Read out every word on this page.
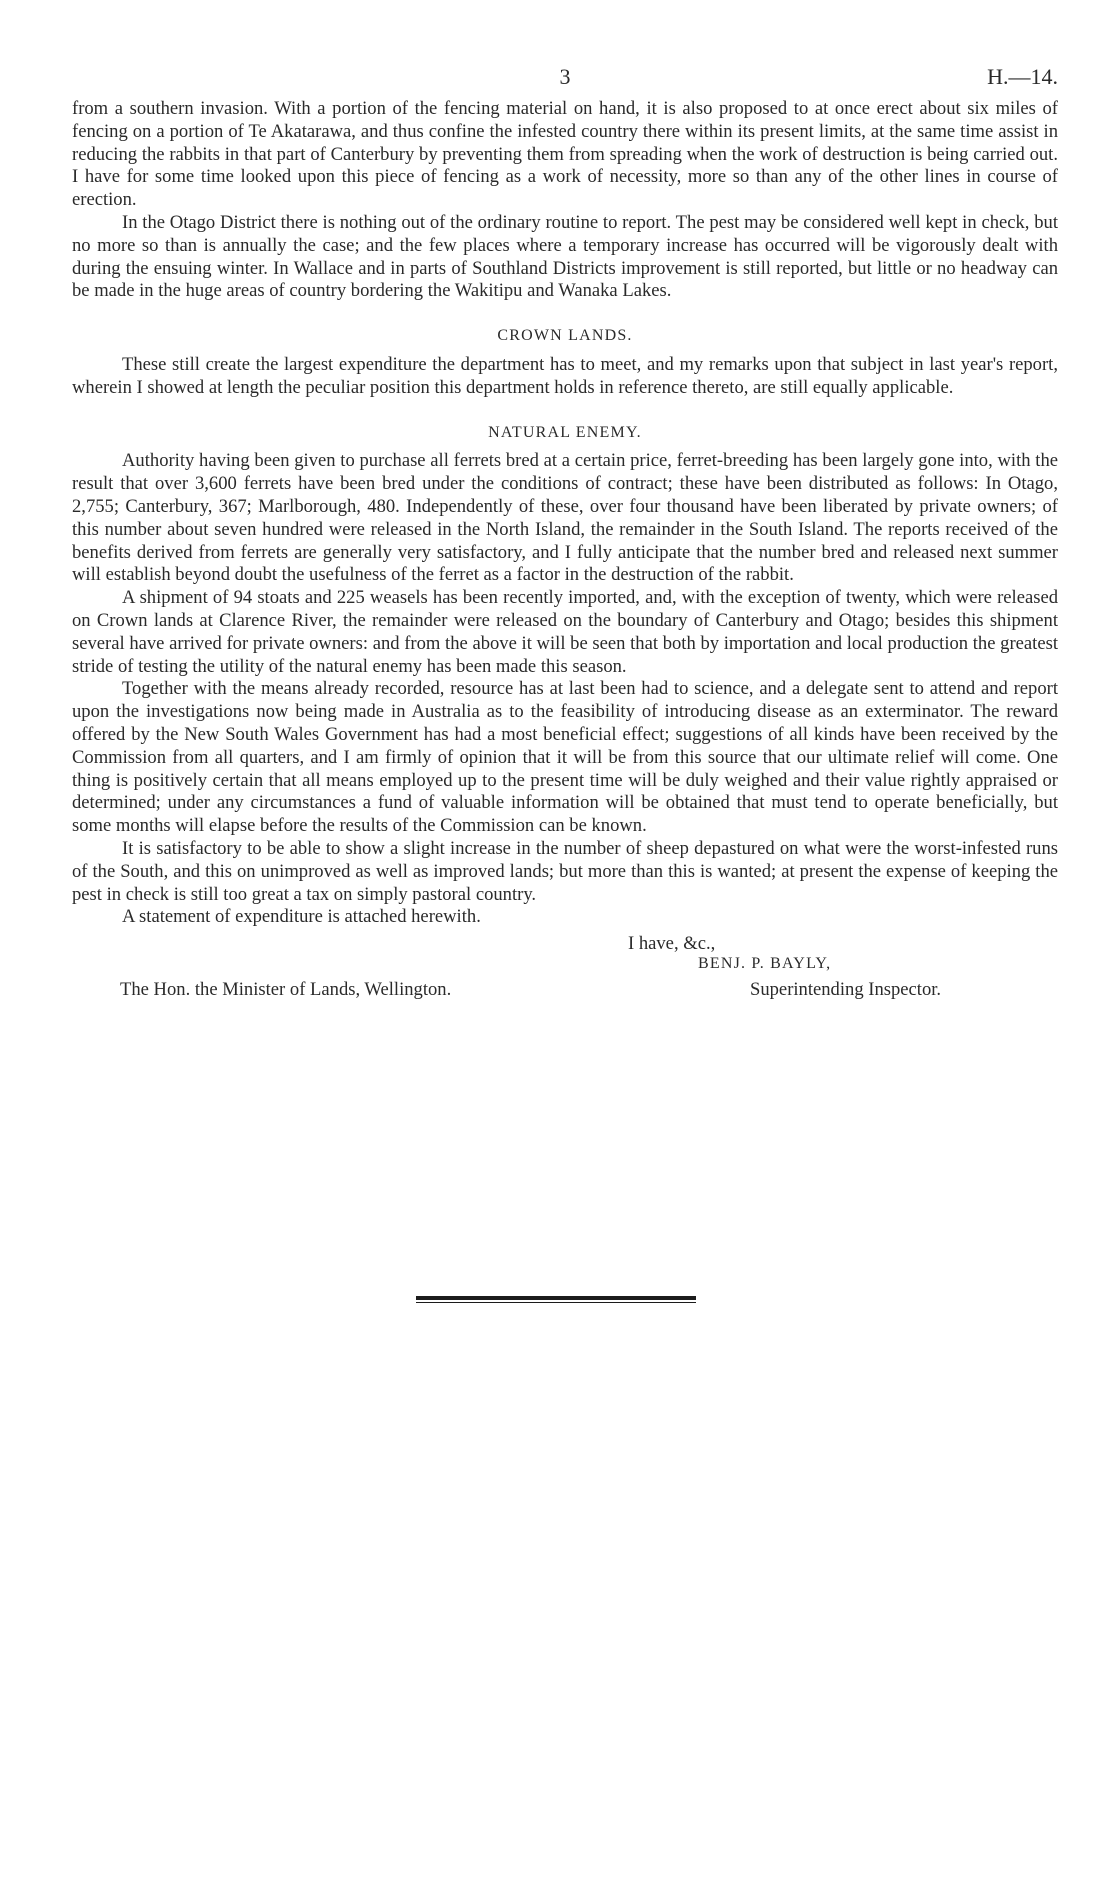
3	H.—14.

from a southern invasion. With a portion of the fencing material on hand, it is also proposed to at once erect about six miles of fencing on a portion of Te Akatarawa, and thus confine the infested country there within its present limits, at the same time assist in reducing the rabbits in that part of Canterbury by preventing them from spreading when the work of destruction is being carried out. I have for some time looked upon this piece of fencing as a work of necessity, more so than any of the other lines in course of erection.

In the Otago District there is nothing out of the ordinary routine to report. The pest may be considered well kept in check, but no more so than is annually the case; and the few places where a temporary increase has occurred will be vigorously dealt with during the ensuing winter. In Wallace and in parts of Southland Districts improvement is still reported, but little or no headway can be made in the huge areas of country bordering the Wakitipu and Wanaka Lakes.

CROWN LANDS.

These still create the largest expenditure the department has to meet, and my remarks upon that subject in last year's report, wherein I showed at length the peculiar position this department holds in reference thereto, are still equally applicable.

NATURAL ENEMY.

Authority having been given to purchase all ferrets bred at a certain price, ferret-breeding has been largely gone into, with the result that over 3,600 ferrets have been bred under the conditions of contract; these have been distributed as follows: In Otago, 2,755; Canterbury, 367; Marlborough, 480. Independently of these, over four thousand have been liberated by private owners; of this number about seven hundred were released in the North Island, the remainder in the South Island. The reports received of the benefits derived from ferrets are generally very satisfactory, and I fully anticipate that the number bred and released next summer will establish beyond doubt the usefulness of the ferret as a factor in the destruction of the rabbit.

A shipment of 94 stoats and 225 weasels has been recently imported, and, with the exception of twenty, which were released on Crown lands at Clarence River, the remainder were released on the boundary of Canterbury and Otago; besides this shipment several have arrived for private owners: and from the above it will be seen that both by importation and local production the greatest stride of testing the utility of the natural enemy has been made this season.

Together with the means already recorded, resource has at last been had to science, and a delegate sent to attend and report upon the investigations now being made in Australia as to the feasibility of introducing disease as an exterminator. The reward offered by the New South Wales Government has had a most beneficial effect; suggestions of all kinds have been received by the Commission from all quarters, and I am firmly of opinion that it will be from this source that our ultimate relief will come. One thing is positively certain that all means employed up to the present time will be duly weighed and their value rightly appraised or determined; under any circumstances a fund of valuable information will be obtained that must tend to operate beneficially, but some months will elapse before the results of the Commission can be known.

It is satisfactory to be able to show a slight increase in the number of sheep depastured on what were the worst-infested runs of the South, and this on unimproved as well as improved lands; but more than this is wanted; at present the expense of keeping the pest in check is still too great a tax on simply pastoral country.

A statement of expenditure is attached herewith.

I have, &c.,
BENJ. P. BAYLY,
The Hon. the Minister of Lands, Wellington.	Superintending Inspector.
